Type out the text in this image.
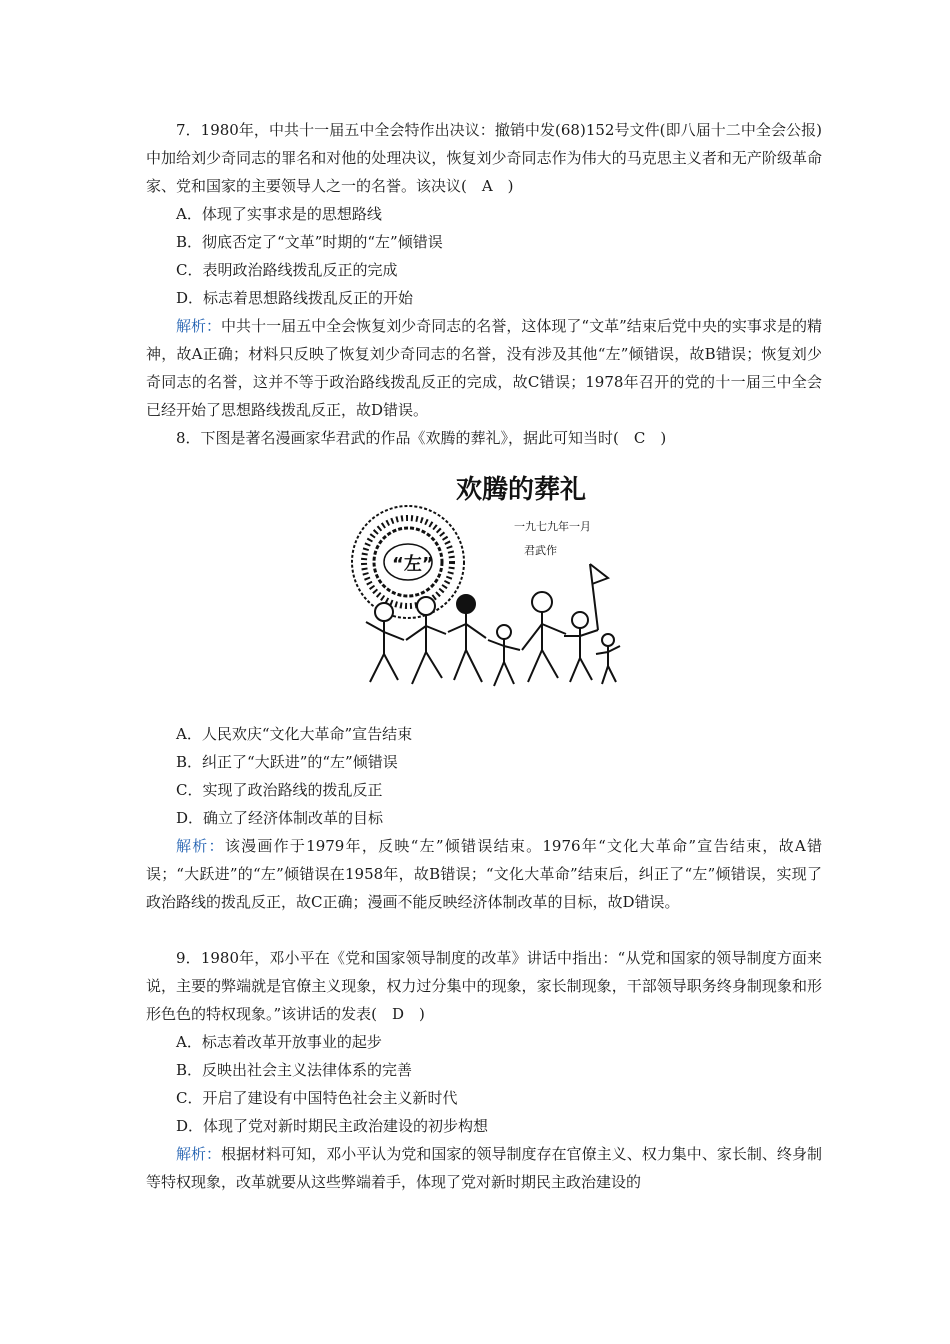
7．1980年，中共十一届五中全会特作出决议：撤销中发(68)152号文件(即八届十二中全会公报)中加给刘少奇同志的罪名和对他的处理决议，恢复刘少奇同志作为伟大的马克思主义者和无产阶级革命家、党和国家的主要领导人之一的名誉。该决议(　A　)

A．体现了实事求是的思想路线

B．彻底否定了“文革”时期的“左”倾错误

C．表明政治路线拨乱反正的完成

D．标志着思想路线拨乱反正的开始

解析：中共十一届五中全会恢复刘少奇同志的名誉，这体现了“文革”结束后党中央的实事求是的精神，故A正确；材料只反映了恢复刘少奇同志的名誉，没有涉及其他“左”倾错误，故B错误；恢复刘少奇同志的名誉，这并不等于政治路线拨乱反正的完成，故C错误；1978年召开的党的十一届三中全会已经开始了思想路线拨乱反正，故D错误。

8．下图是著名漫画家华君武的作品《欢腾的葬礼》，据此可知当时(　C　)

欢腾的葬礼
一九七九年一月
君武作
“左”

A．人民欢庆“文化大革命”宣告结束

B．纠正了“大跃进”的“左”倾错误

C．实现了政治路线的拨乱反正

D．确立了经济体制改革的目标

解析：该漫画作于1979年，反映“左”倾错误结束。1976年“文化大革命”宣告结束，故A错误；“大跃进”的“左”倾错误在1958年，故B错误；“文化大革命”结束后，纠正了“左”倾错误，实现了政治路线的拨乱反正，故C正确；漫画不能反映经济体制改革的目标，故D错误。

9．1980年，邓小平在《党和国家领导制度的改革》讲话中指出：“从党和国家的领导制度方面来说，主要的弊端就是官僚主义现象，权力过分集中的现象，家长制现象，干部领导职务终身制现象和形形色色的特权现象。”该讲话的发表(　D　)

A．标志着改革开放事业的起步

B．反映出社会主义法律体系的完善

C．开启了建设有中国特色社会主义新时代

D．体现了党对新时期民主政治建设的初步构想

解析：根据材料可知，邓小平认为党和国家的领导制度存在官僚主义、权力集中、家长制、终身制等特权现象，改革就要从这些弊端着手，体现了党对新时期民主政治建设的
